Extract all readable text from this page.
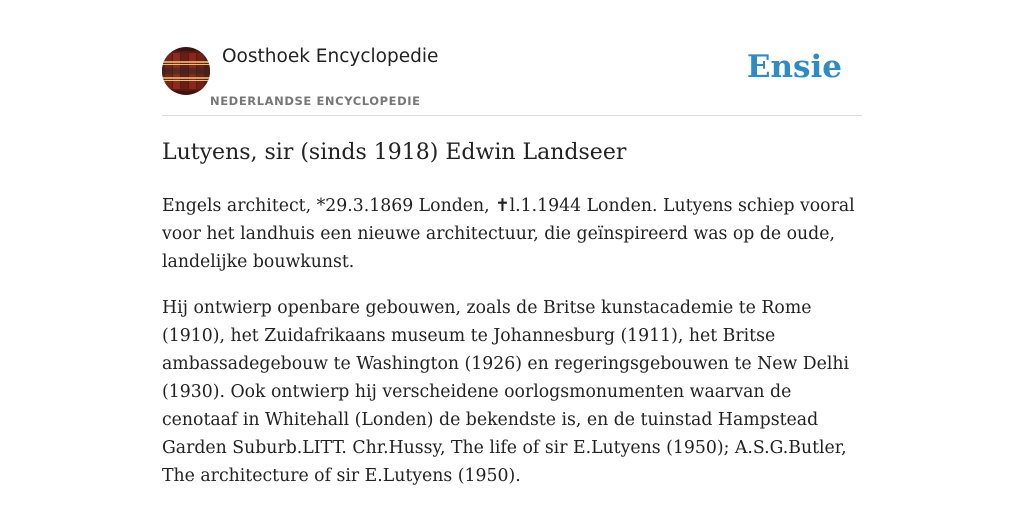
Oosthoek Encyclopedie
NEDERLANDSE ENCYCLOPEDIE
Ensie
Lutyens, sir (sinds 1918) Edwin Landseer

Engels architect, *29.3.1869 Londen, ✝l.1.1944 Londen. Lutyens schiep vooral voor het landhuis een nieuwe architectuur, die geïnspireerd was op de oude, landelijke bouwkunst.

Hij ontwierp openbare gebouwen, zoals de Britse kunstacademie te Rome (1910), het Zuidafrikaans museum te Johannesburg (1911), het Britse ambassadegebouw te Washington (1926) en regeringsgebouwen te New Delhi (1930). Ook ontwierp hij verscheidene oorlogsmonumenten waarvan de cenotaaf in Whitehall (Londen) de bekendste is, en de tuinstad Hampstead Garden Suburb.LITT. Chr.Hussy, The life of sir E.Lutyens (1950); A.S.G.Butler, The architecture of sir E.Lutyens (1950).
